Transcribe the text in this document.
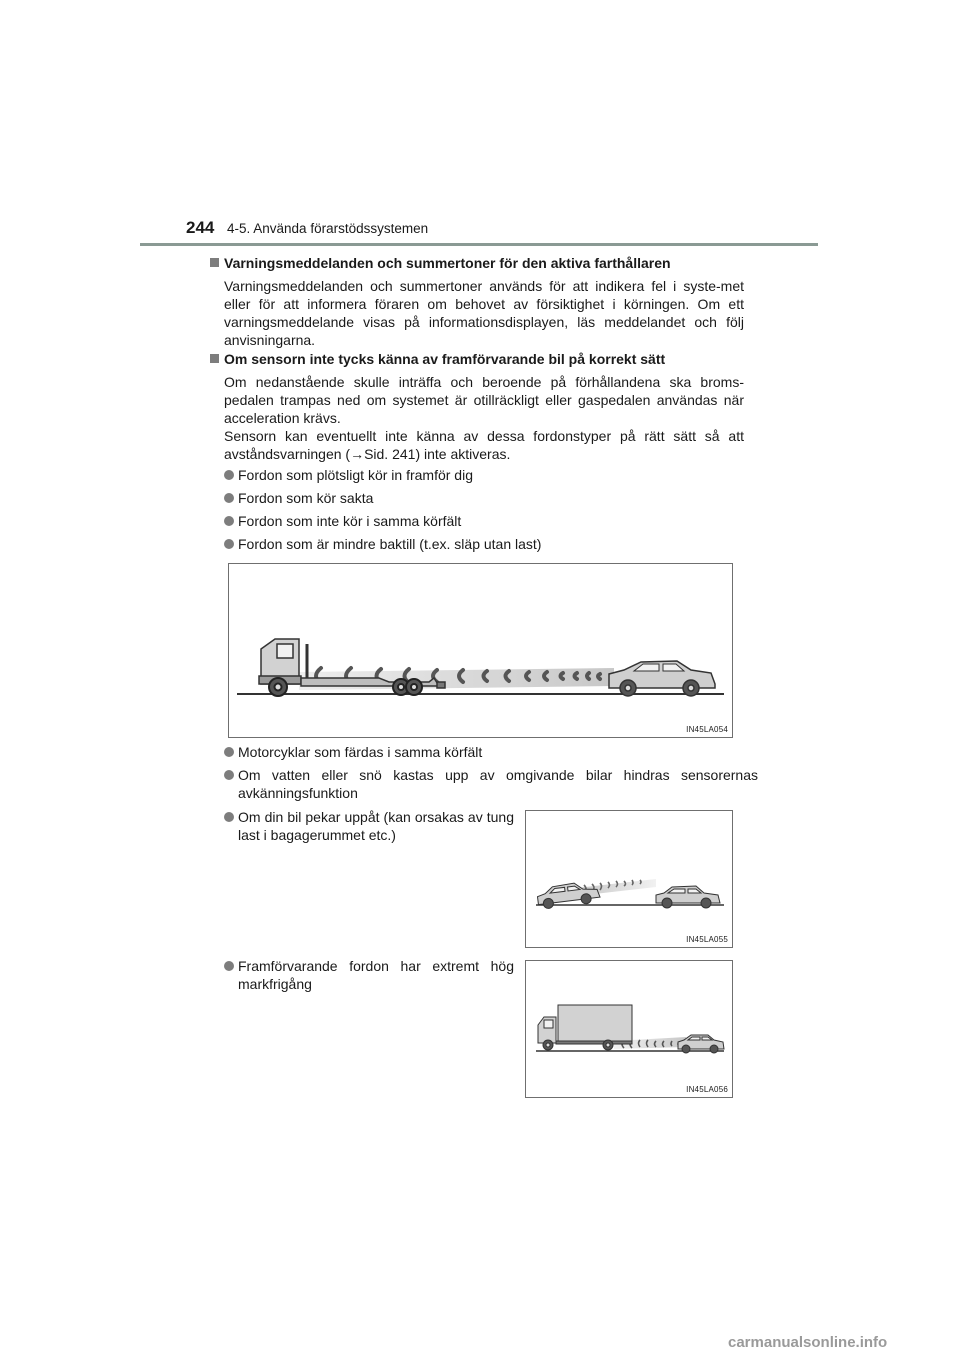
244 4-5. Använda förarstödssystemen
Varningsmeddelanden och summertoner för den aktiva farthållaren
Varningsmeddelanden och summertoner används för att indikera fel i syste-met eller för att informera föraren om behovet av försiktighet i körningen. Om ett varningsmeddelande visas på informationsdisplayen, läs meddelandet och följ anvisningarna.
Om sensorn inte tycks känna av framförvarande bil på korrekt sätt
Om nedanstående skulle inträffa och beroende på förhållandena ska broms-pedalen trampas ned om systemet är otillräckligt eller gaspedalen användas när acceleration krävs.
Sensorn kan eventuellt inte känna av dessa fordonstyper på rätt sätt så att avståndsvarningen (→Sid. 241) inte aktiveras.
Fordon som plötsligt kör in framför dig
Fordon som kör sakta
Fordon som inte kör i samma körfält
Fordon som är mindre baktill (t.ex. släp utan last)
IN45LA054
Motorcyklar som färdas i samma körfält
Om vatten eller snö kastas upp av omgivande bilar hindras sensorernas avkänningsfunktion
Om din bil pekar uppåt (kan orsakas av tung last i bagagerummet etc.)
IN45LA055
Framförvarande fordon har extremt hög markfrigång
IN45LA056
carmanualsonline.info
